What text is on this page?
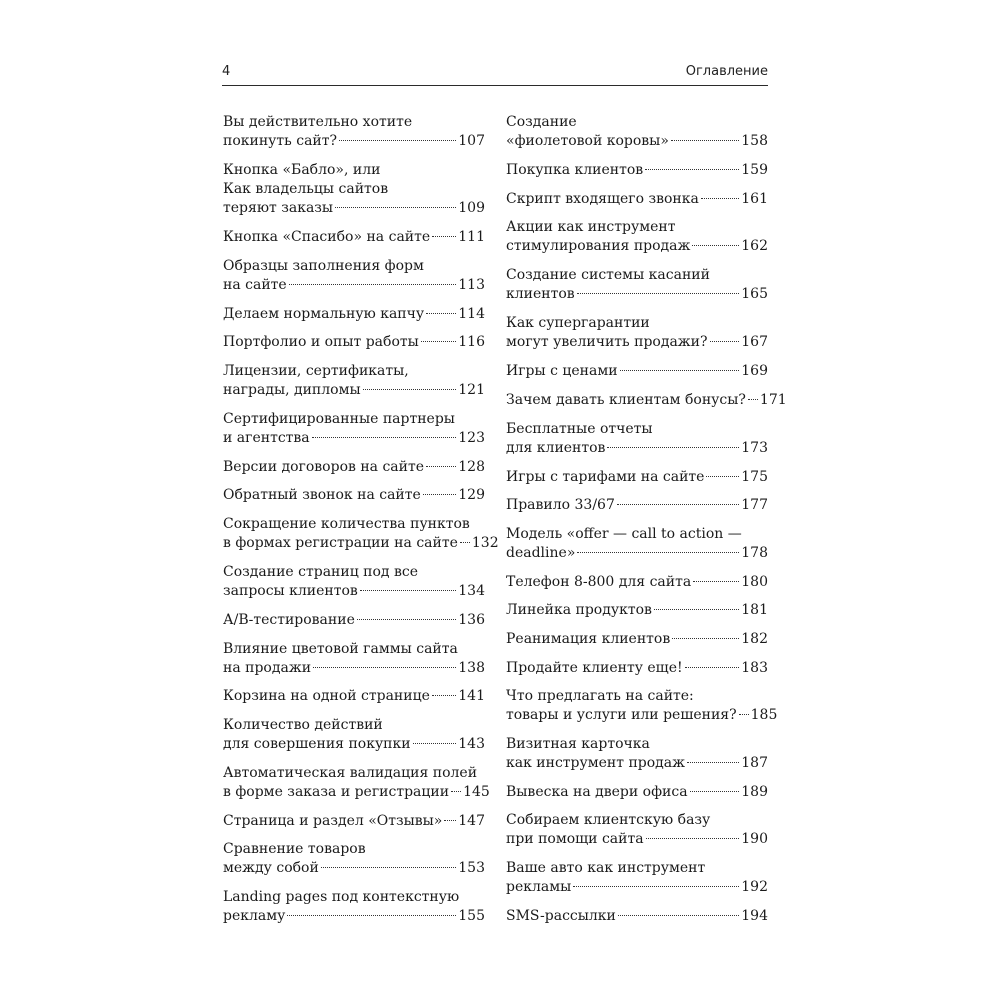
4	Оглавление
Вы действительно хотите
покинуть сайт?	107
Кнопка «Бабло», или
Как владельцы сайтов
теряют заказы	109
Кнопка «Спасибо» на сайте 111
Образцы заполнения форм
на сайте	113
Делаем нормальную капчу 114
Портфолио и опыт работы	116
Лицензии, сертификаты,
награды, дипломы	121
Сертифицированные партнеры
и агентства	123
Версии договоров на сайте 128
Обратный звонок на сайте	129
Сокращение количества пунктов
в формах регистрации на сайте 132
Создание страниц под все
запросы клиентов	134
А/В-тестирование	136
Влияние цветовой гаммы сайта
на продажи	138
Корзина на одной странице 141
Количество действий
для совершения покупки	143
Автоматическая валидация полей
в форме заказа и регистрации 145
Страница и раздел «Отзывы» 147
Сравнение товаров
между собой	153
Landing pages под контекстную
рекламу	155
Создание
«фиолетовой коровы»	158
Покупка клиентов	159
Скрипт входящего звонка	161
Акции как инструмент
стимулирования продаж	162
Создание системы касаний
клиентов	165
Как супергарантии
могут увеличить продажи? 167
Игры с ценами	169
Зачем давать клиентам бонусы? 171
Бесплатные отчеты
для клиентов	173
Игры с тарифами на сайте	175
Правило 33/67	177
Модель «offer — call to action —
deadline»	178
Телефон 8-800 для сайта	180
Линейка продуктов	181
Реанимация клиентов	182
Продайте клиенту еще!	183
Что предлагать на сайте:
товары и услуги или решения? 185
Визитная карточка
как инструмент продаж	187
Вывеска на двери офиса	189
Собираем клиентскую базу
при помощи сайта	190
Ваше авто как инструмент
рекламы	192
SMS-рассылки	194
